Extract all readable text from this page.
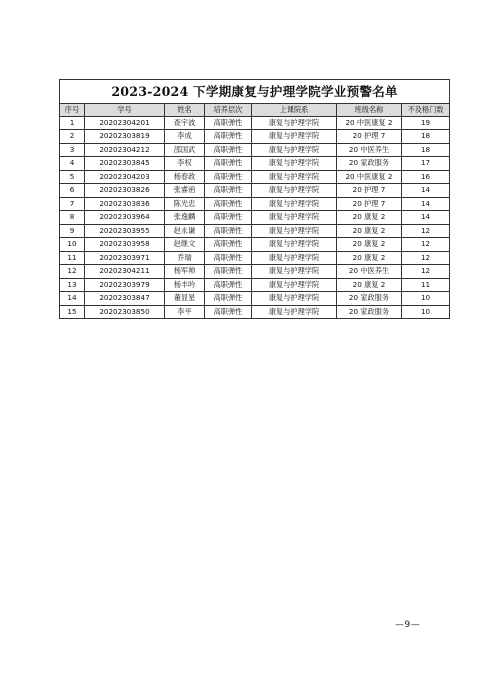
2023-2024 下学期康复与护理学院学业预警名单						
序号	学号	姓名	培养层次	上课院系	班级名称	不及格门数
1	20202304201	查宇波	高职弹性	康复与护理学院	20 中医康复 2	19
2	20202303819	李成	高职弹性	康复与护理学院	20 护理 7	18
3	20202304212	邵国武	高职弹性	康复与护理学院	20 中医养生	18
4	20202303845	李权	高职弹性	康复与护理学院	20 家政服务	17
5	20202304203	杨春政	高职弹性	康复与护理学院	20 中医康复 2	16
6	20202303826	张睿函	高职弹性	康复与护理学院	20 护理 7	14
7	20202303836	陈光忠	高职弹性	康复与护理学院	20 护理 7	14
8	20202303964	张逸麟	高职弹性	康复与护理学院	20 康复 2	14
9	20202303955	赵永谦	高职弹性	康复与护理学院	20 康复 2	12
10	20202303958	赵继文	高职弹性	康复与护理学院	20 康复 2	12
11	20202303971	乔瑞	高职弹性	康复与护理学院	20 康复 2	12
12	20202304211	杨军帅	高职弹性	康复与护理学院	20 中医养生	12
13	20202303979	杨丰吟	高职弹性	康复与护理学院	20 康复 2	11
14	20202303847	董显星	高职弹性	康复与护理学院	20 家政服务	10
15	20202303850	李平	高职弹性	康复与护理学院	20 家政服务	10
—9—
